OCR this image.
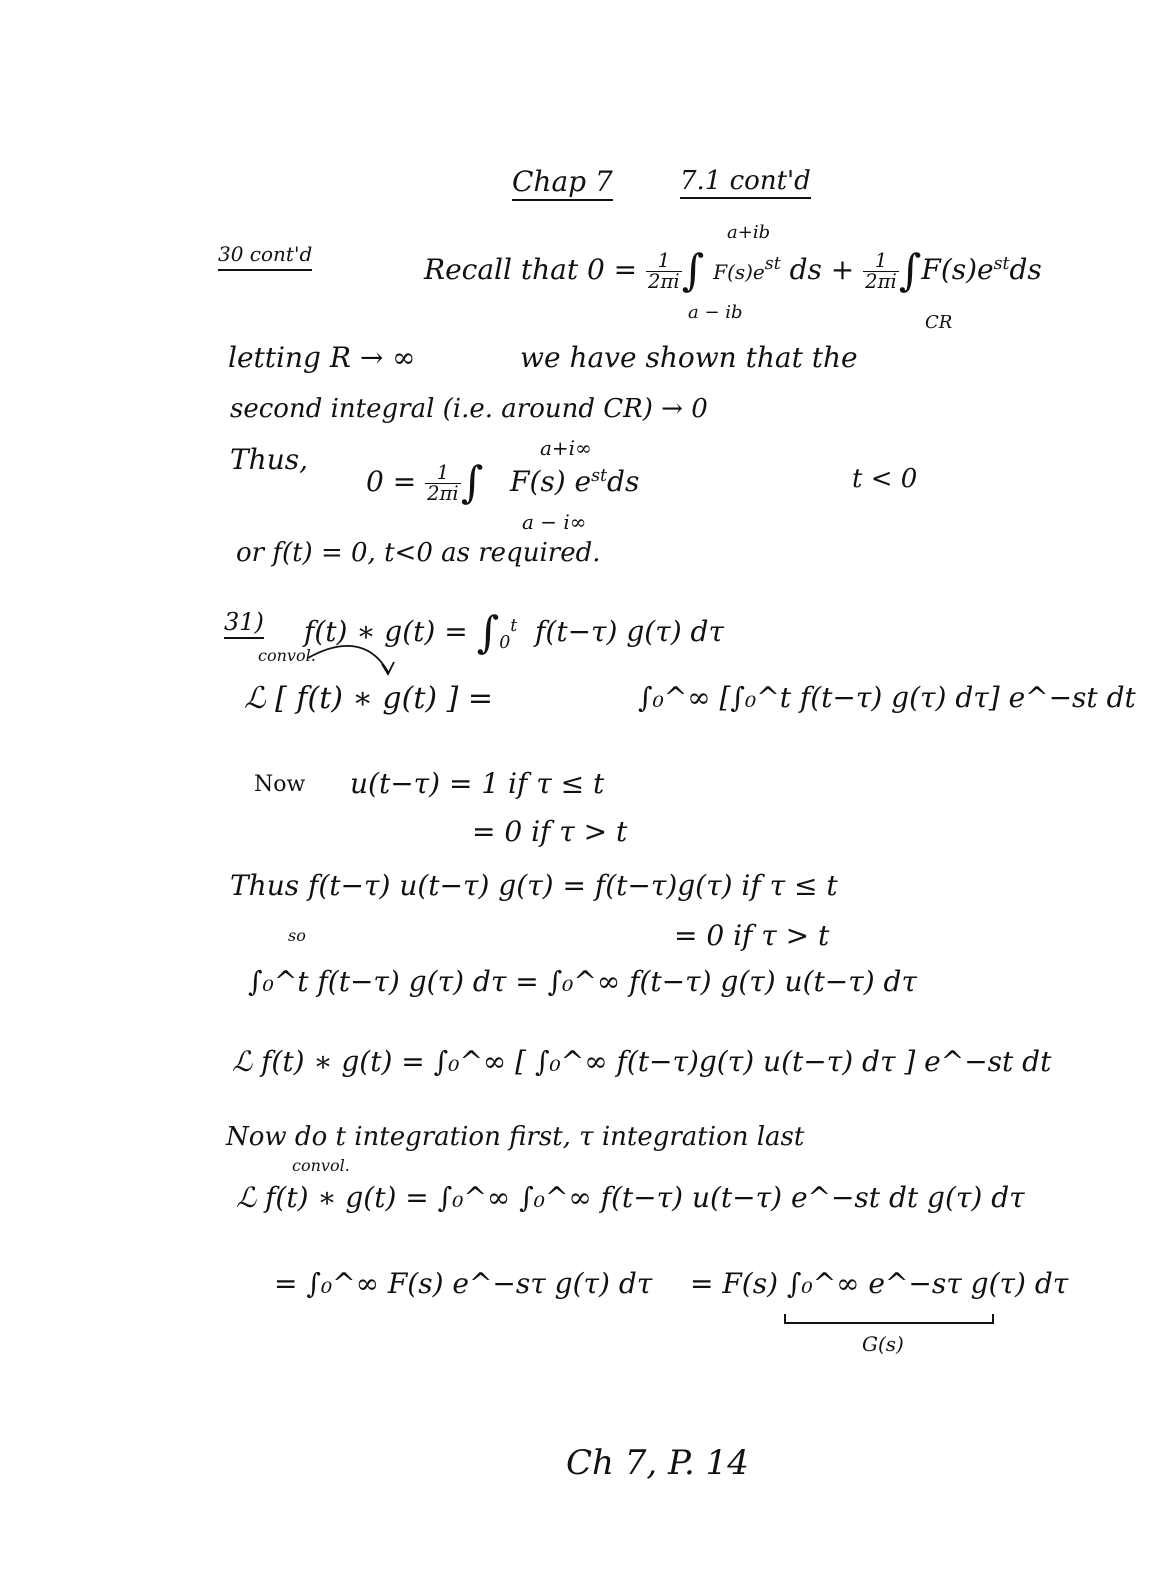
Chap 7	7.1 cont'd
30 cont'd	Recall that $0 = \frac{1}{2\pi i}$ ∫ $F(s)e^{st}$ ds + $\frac{1}{2\pi i} \int F(s)e^{st}ds$
a+ib
a − ib	CR
letting R → ∞	we have shown that the
second integral (i.e. around CR) → 0
Thus,
$0 = \frac{1}{2\pi i}$ ∫ F(s) $e^{st}ds$
a+i∞
a − i∞
t < 0
or f(t) = 0, t<0 as required.
31) f(t) ∗ $g(t) = \int_0^t$ f(t−τ) g(τ) dτ
convol.
ℒ [ f(t) ∗ g(t) ] =	∫₀^∞ [∫₀^t f(t−τ) g(τ) dτ] e^−st dt
Now u(t−τ) = 1 if τ ≤ t
= 0 if τ > t
Thus f(t−τ) u(t−τ) g(τ) = f(t−τ)g(τ) if τ ≤ t
= 0 if τ > t
so
∫₀^t f(t−τ) g(τ) dτ = ∫₀^∞ f(t−τ) g(τ) u(t−τ) dτ
ℒ f(t) ∗ g(t) = ∫₀^∞ [ ∫₀^∞ f(t−τ)g(τ) u(t−τ) dτ ] e^−st dt
Now do t integration first, τ integration last
convol.
ℒ f(t) ∗ g(t) = ∫₀^∞ ∫₀^∞ f(t−τ) u(t−τ) e^−st dt g(τ) dτ
= ∫₀^∞ F(s) e^−sτ g(τ) dτ = F(s) ∫₀^∞ e^−sτ g(τ) dτ
G(s)
Ch 7, P. 14
